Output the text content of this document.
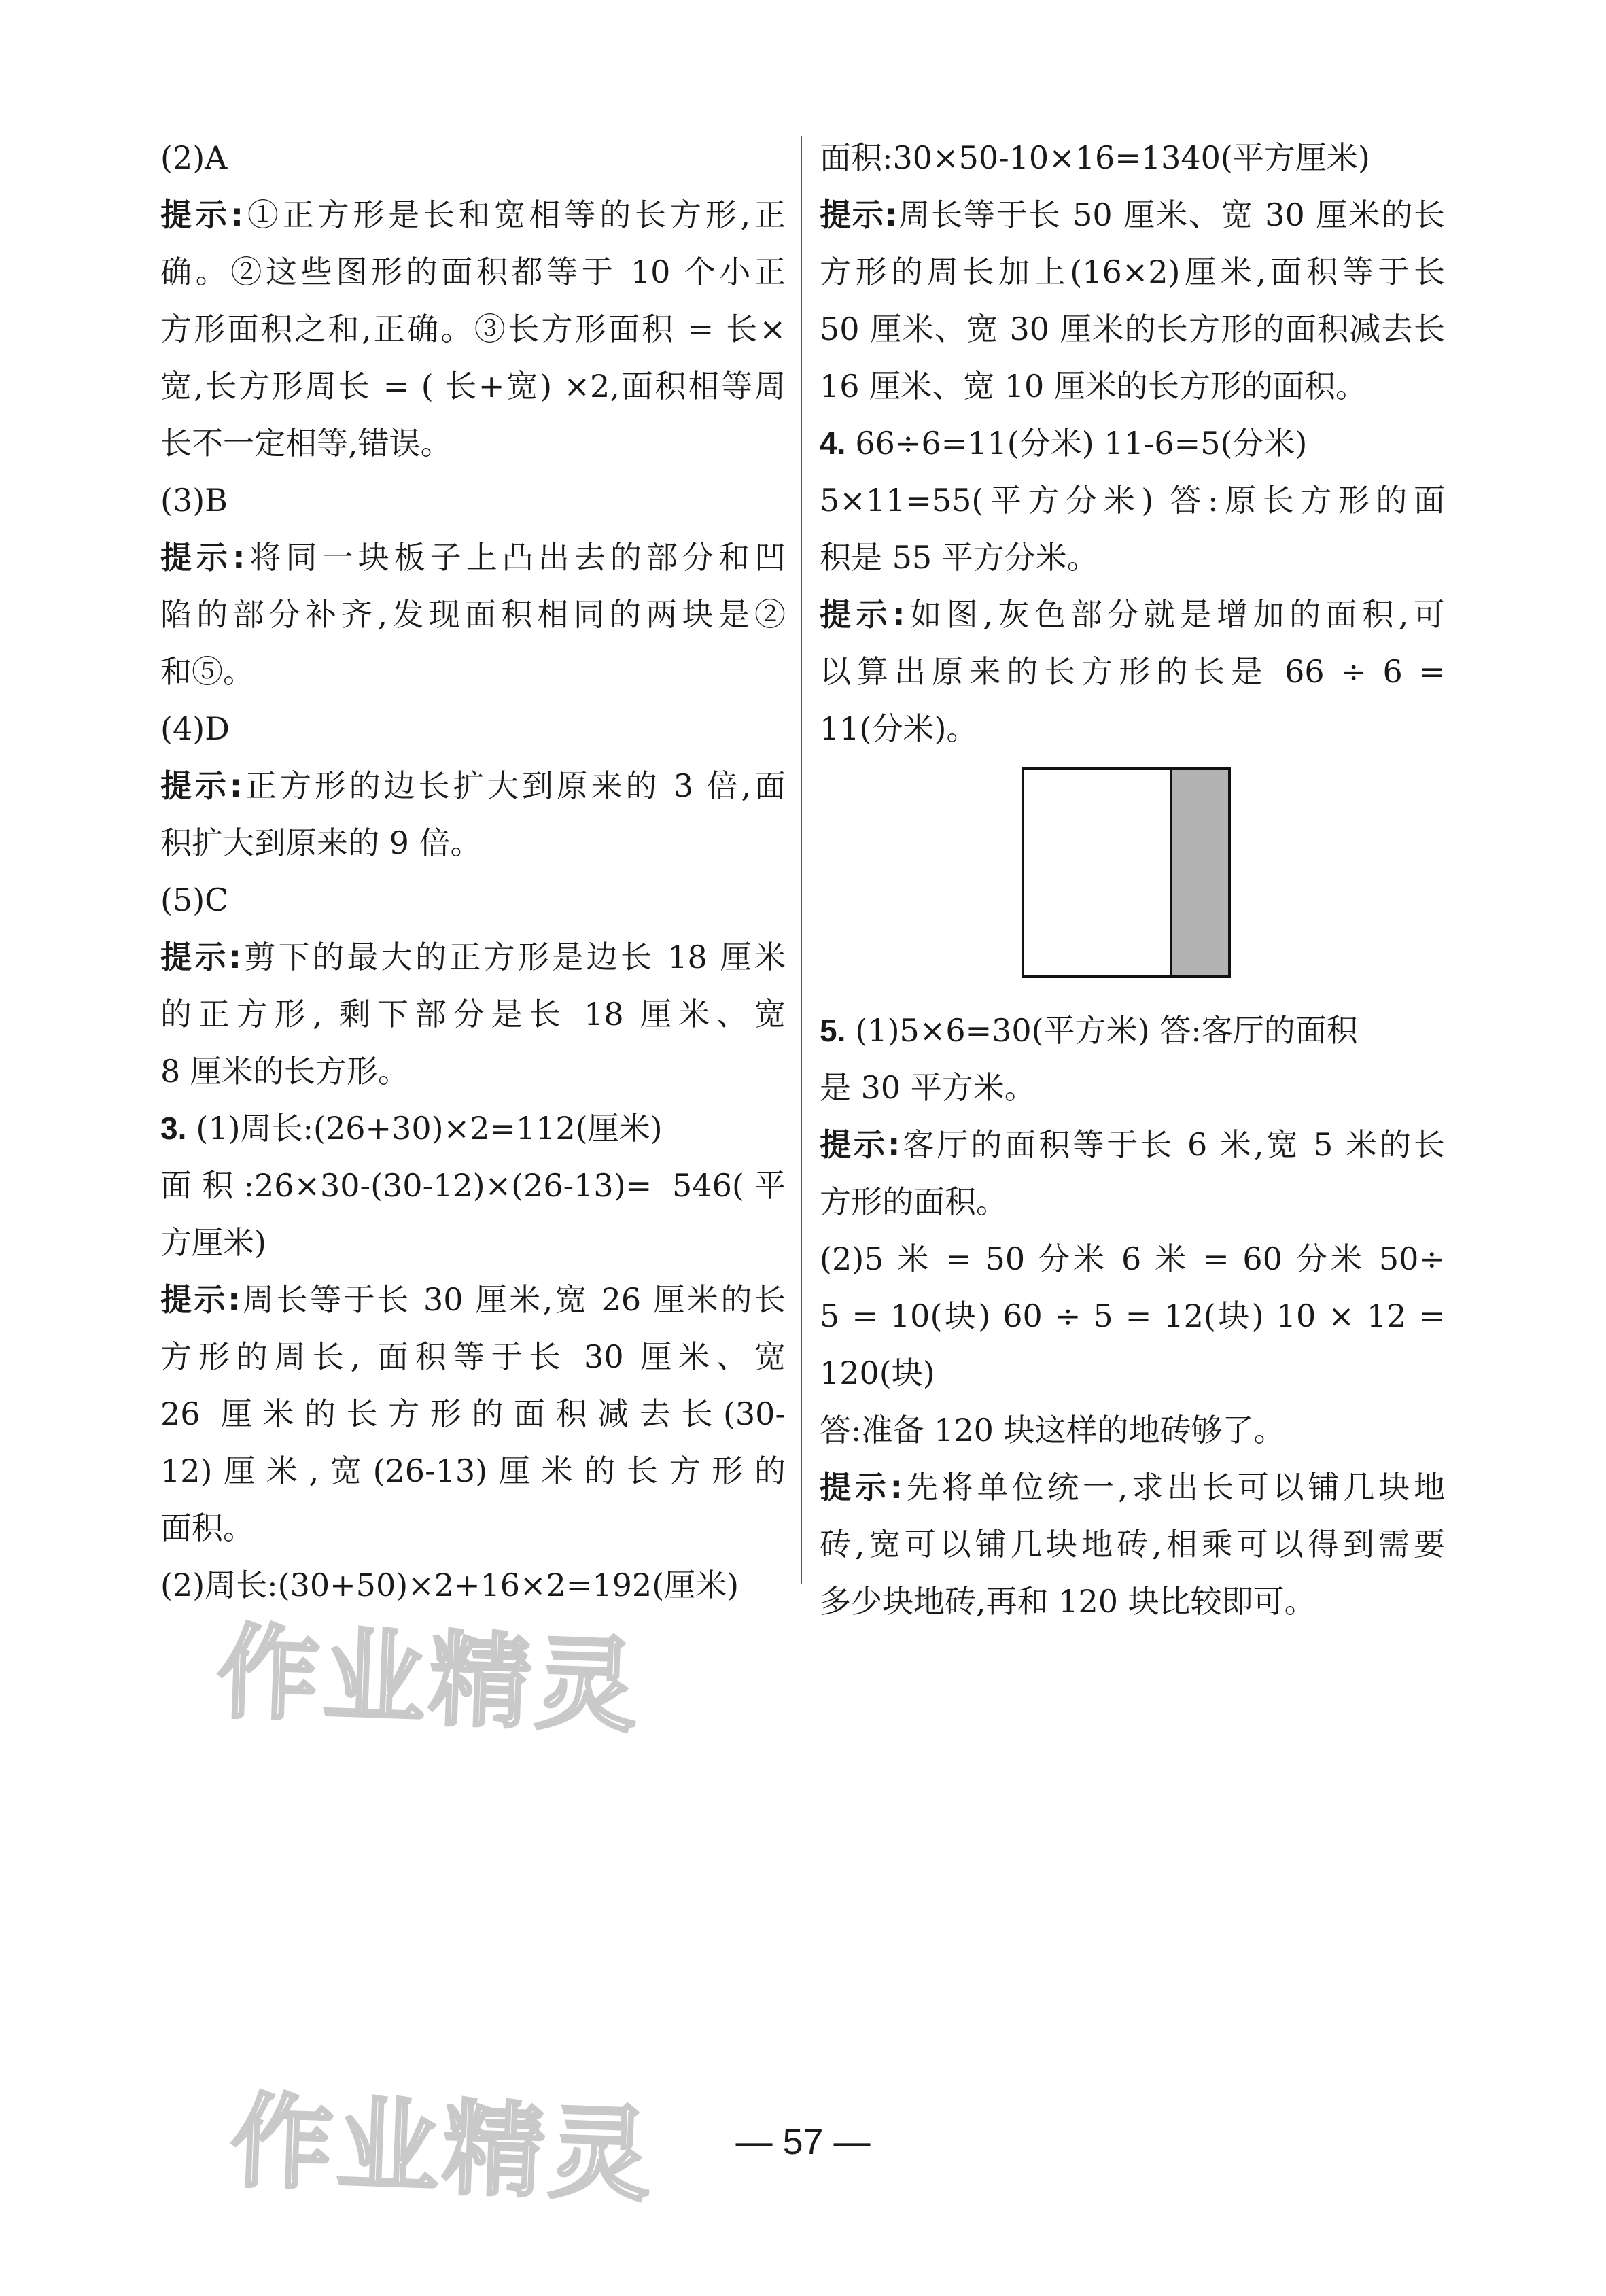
(2)A
提示:①正方形是长和宽相等的长方形,正
确。②这些图形的面积都等于 10 个小正
方形面积之和,正确。③长方形面积 = 长×
宽,长方形周长 = ( 长+宽) ×2,面积相等周
长不一定相等,错误。
(3)B
提示:将同一块板子上凸出去的部分和凹
陷的部分补齐,发现面积相同的两块是②
和⑤。
(4)D
提示:正方形的边长扩大到原来的 3 倍,面
积扩大到原来的 9 倍。
(5)C
提示:剪下的最大的正方形是边长 18 厘米
的正方形, 剩下部分是长 18 厘米、宽
8 厘米的长方形。
3. (1)周长:(26+30)×2=112(厘米)
面积:26×30-(30-12)×(26-13)= 546(平
方厘米)
提示:周长等于长 30 厘米,宽 26 厘米的长
方形的周长, 面积等于长 30 厘米、宽
26 厘米的长方形的面积减去长(30-
12)厘米,宽(26-13)厘米的长方形的
面积。
(2)周长:(30+50)×2+16×2=192(厘米)
面积:30×50-10×16=1340(平方厘米)
提示:周长等于长 50 厘米、宽 30 厘米的长
方形的周长加上(16×2)厘米,面积等于长
50 厘米、宽 30 厘米的长方形的面积减去长
16 厘米、宽 10 厘米的长方形的面积。
4. 66÷6=11(分米) 11-6=5(分米)
5×11=55(平方分米) 答:原长方形的面
积是 55 平方分米。
提示:如图,灰色部分就是增加的面积,可
以算出原来的长方形的长是 66 ÷ 6 =
11(分米)。
5. (1)5×6=30(平方米) 答:客厅的面积
是 30 平方米。
提示:客厅的面积等于长 6 米,宽 5 米的长
方形的面积。
(2)5 米 = 50 分米 6 米 = 60 分米 50÷
5 = 10(块) 60 ÷ 5 = 12(块) 10 × 12 =
120(块)
答:准备 120 块这样的地砖够了。
提示:先将单位统一,求出长可以铺几块地
砖,宽可以铺几块地砖,相乘可以得到需要
多少块地砖,再和 120 块比较即可。
作业精灵
作业精灵	— 57 —
